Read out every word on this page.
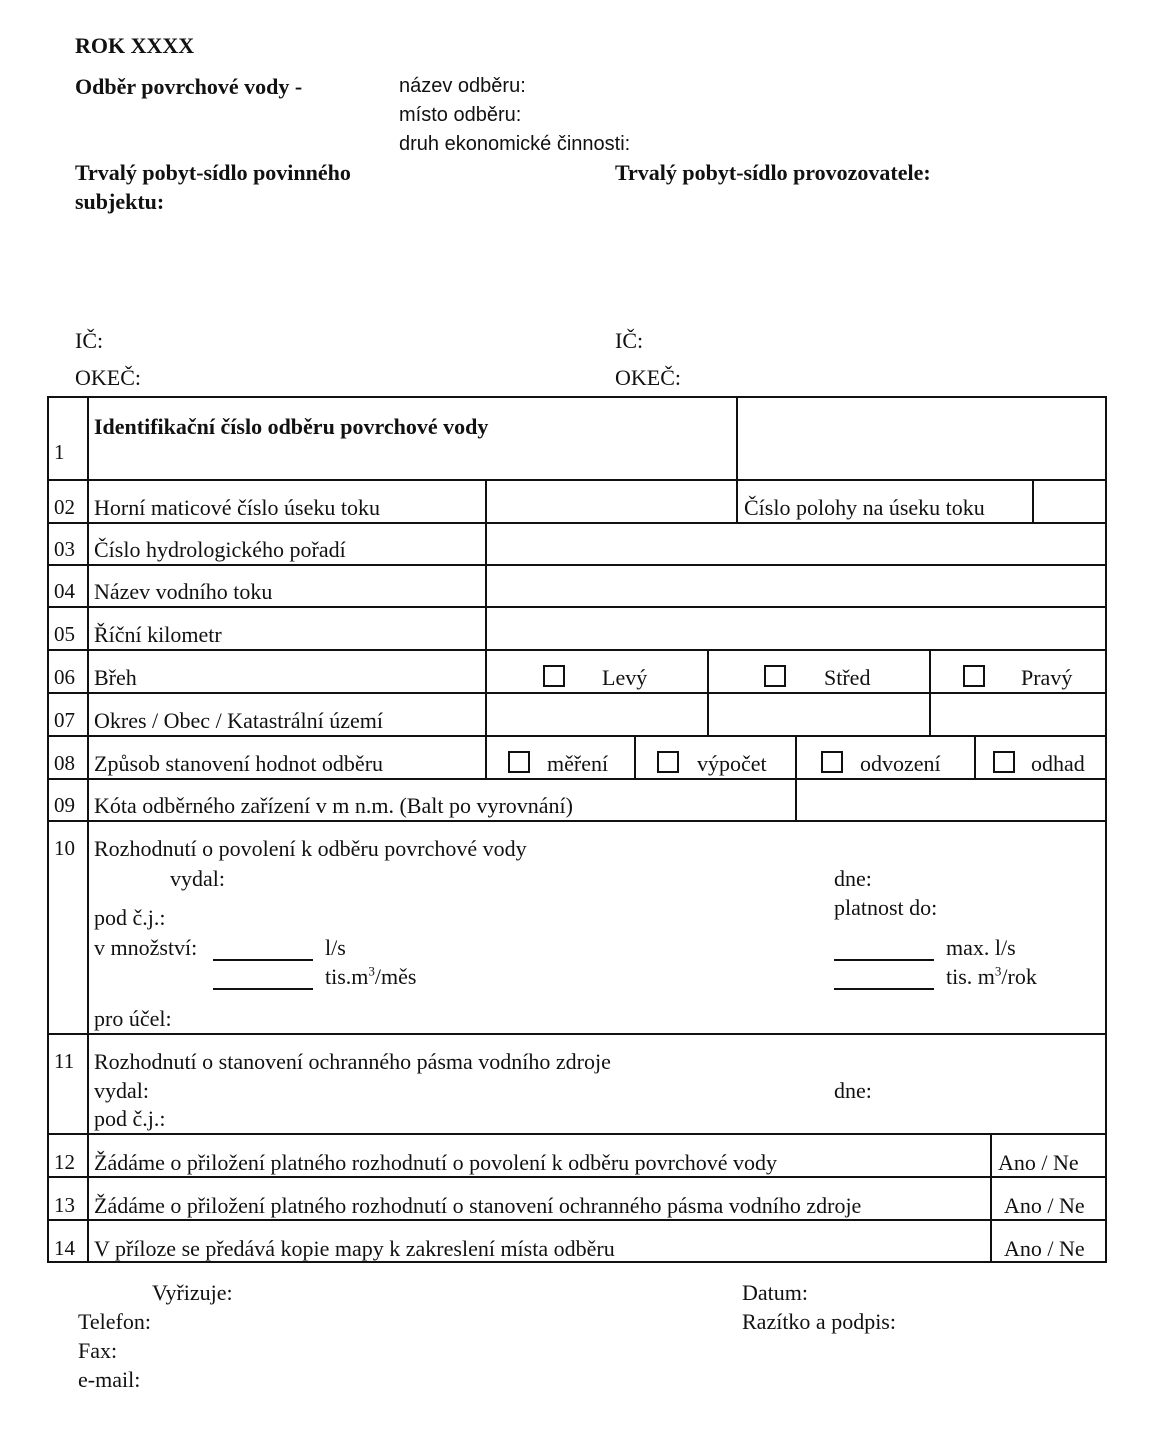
ROK XXXX
Odběr povrchové vody -	název odběru:
místo odběru:
druh ekonomické činnosti:
Trvalý pobyt-sídlo povinného
subjektu:
Trvalý pobyt-sídlo provozovatele:
IČ:
OKEČ:
IČ:
OKEČ:
1
Identifikační číslo odběru povrchové vody
02 Horní maticové číslo úseku toku	Číslo polohy na úseku toku
03 Číslo hydrologického pořadí
04 Název vodního toku
05 Říční kilometr
06 Břeh	Levý	Střed	Pravý
07 Okres / Obec / Katastrální území
08 Způsob stanovení hodnot odběru	měření	výpočet	odvození	odhad
09 Kóta odběrného zařízení v m n.m. (Balt po vyrovnání)
10 Rozhodnutí o povolení k odběru povrchové vody
vydal:
pod č.j.:
v množství:	l/s
$tis.m^3$/měs
pro účel:
dne:
platnost do:
max. l/s
tis. $m^3$/rok
11 Rozhodnutí o stanovení ochranného pásma vodního zdroje
vydal:
pod č.j.:
dne:
12 Žádáme o přiložení platného rozhodnutí o povolení k odběru povrchové vody	Ano / Ne
13 Žádáme o přiložení platného rozhodnutí o stanovení ochranného pásma vodního zdroje	Ano / Ne
14 V příloze se předává kopie mapy k zakreslení místa odběru	Ano / Ne
Vyřizuje:
Telefon:
Fax:
e-mail:
Datum:
Razítko a podpis:
